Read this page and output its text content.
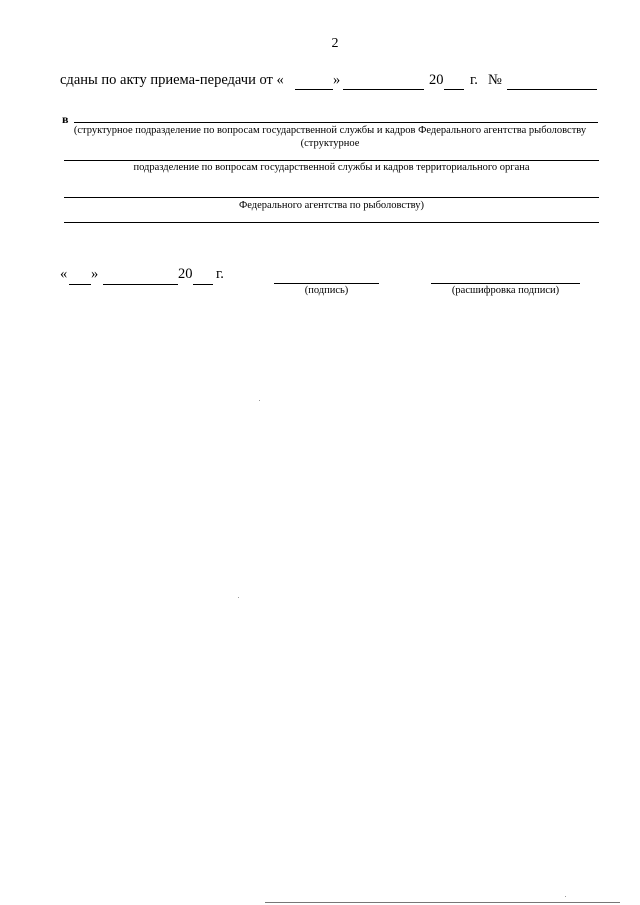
2
сданы по акту приема-передачи от «	»	20 г. №
в
(структурное подразделение по вопросам государственной службы и кадров Федерального агентства рыболовству
(структурное
подразделение по вопросам государственной службы и кадров территориального органа
Федерального агентства по рыболовству)
« »	20 г.
(подпись)	(расшифровка подписи)
